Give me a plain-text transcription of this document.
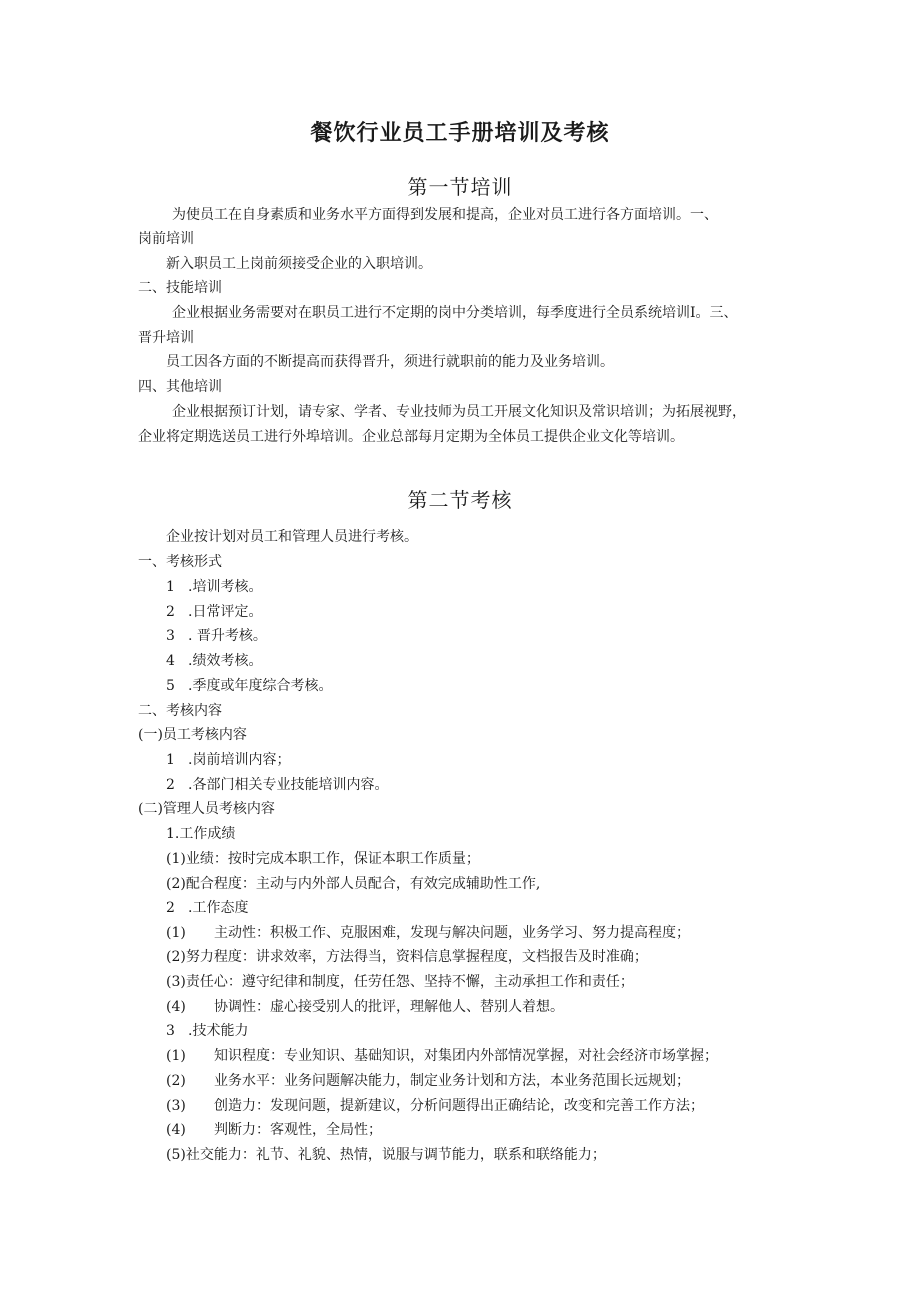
餐饮行业员工手册培训及考核
第一节培训
为使员工在自身素质和业务水平方面得到发展和提高，企业对员工进行各方面培训。一、
岗前培训
新入职员工上岗前须接受企业的入职培训。
二、技能培训
企业根据业务需要对在职员工进行不定期的岗中分类培训，每季度进行全员系统培训I。三、
晋升培训
员工因各方面的不断提高而获得晋升，须进行就职前的能力及业务培训。
四、其他培训
企业根据预订计划，请专家、学者、专业技师为员工开展文化知识及常识培训；为拓展视野，
企业将定期选送员工进行外埠培训。企业总部每月定期为全体员工提供企业文化等培训。
第二节考核
企业按计划对员工和管理人员进行考核。
一、考核形式
1 .培训考核。
2 .日常评定。
3 . 晋升考核。
4 .绩效考核。
5 .季度或年度综合考核。
二、考核内容
(一)员工考核内容
1 .岗前培训内容；
2 .各部门相关专业技能培训内容。
(二)管理人员考核内容
1.工作成绩
(1)业绩：按时完成本职工作，保证本职工作质量；
(2)配合程度：主动与内外部人员配合，有效完成辅助性工作,
2 .工作态度
(1) 主动性：积极工作、克服困难，发现与解决问题，业务学习、努力提高程度；
(2)努力程度：讲求效率，方法得当，资料信息掌握程度，文档报告及时准确；
(3)责任心：遵守纪律和制度，任劳任怨、坚持不懈，主动承担工作和责任；
(4) 协调性：虚心接受别人的批评，理解他人、替别人着想。
3 .技术能力
(1) 知识程度：专业知识、基础知识，对集团内外部情况掌握，对社会经济市场掌握；
(2) 业务水平：业务问题解决能力，制定业务计划和方法，本业务范围长远规划；
(3) 创造力：发现问题，提新建议，分析问题得出正确结论，改变和完善工作方法；
(4) 判断力：客观性，全局性；
(5)社交能力：礼节、礼貌、热情，说服与调节能力，联系和联络能力；
